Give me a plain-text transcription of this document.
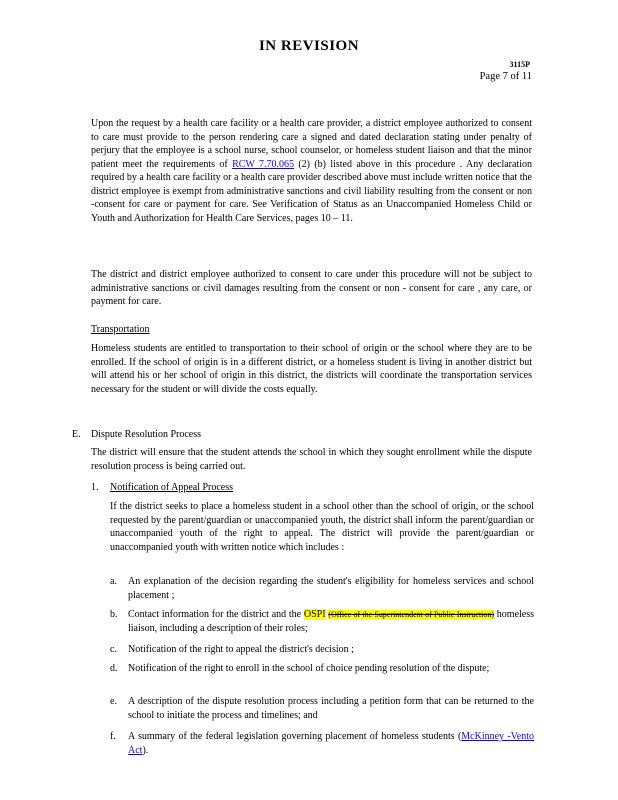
IN REVISION
3115P
Page 7 of 11
Upon the request by a health care facility or a health care provider, a district employee authorized to consent to care must provide to the person rendering care a signed and dated declaration stating under penalty of perjury that the employee is a school nurse, school counselor, or homeless student liaison and that the minor patient meet the requirements of RCW 7.70.065 (2) (b) listed above in this procedure . Any declaration required by a health care facility or a health care provider described above must include written notice that the district employee is exempt from administrative sanctions and civil liability resulting from the consent or non -consent for care or payment for care. See Verification of Status as an Unaccompanied Homeless Child or Youth and Authorization for Health Care Services, pages 10 – 11.
The district and district employee authorized to consent to care under this procedure will not be subject to administrative sanctions or civil damages resulting from the consent or non - consent for care , any care, or payment for care.
Transportation
Homeless students are entitled to transportation to their school of origin or the school where they are to be enrolled. If the school of origin is in a different district, or a homeless student is living in another district but will attend his or her school of origin in this district, the districts will coordinate the transportation services necessary for the student or will divide the costs equally.
E.	Dispute Resolution Process
The district will ensure that the student attends the school in which they sought enrollment while the dispute resolution process is being carried out.
1.	Notification of Appeal Process
If the district seeks to place a homeless student in a school other than the school of origin, or the school requested by the parent/guardian or unaccompanied youth, the district shall inform the parent/guardian or unaccompanied youth of the right to appeal. The district will provide the parent/guardian or unaccompanied youth with written notice which includes :
a. An explanation of the decision regarding the student's eligibility for homeless services and school placement ;
b. Contact information for the district and the OSPI (Office of the Superintendent of Public Instruction) homeless liaison, including a description of their roles;
c. Notification of the right to appeal the district's decision ;
d. Notification of the right to enroll in the school of choice pending resolution of the dispute;
e. A description of the dispute resolution process including a petition form that can be returned to the school to initiate the process and timelines; and
f. A summary of the federal legislation governing placement of homeless students (McKinney -Vento Act).
